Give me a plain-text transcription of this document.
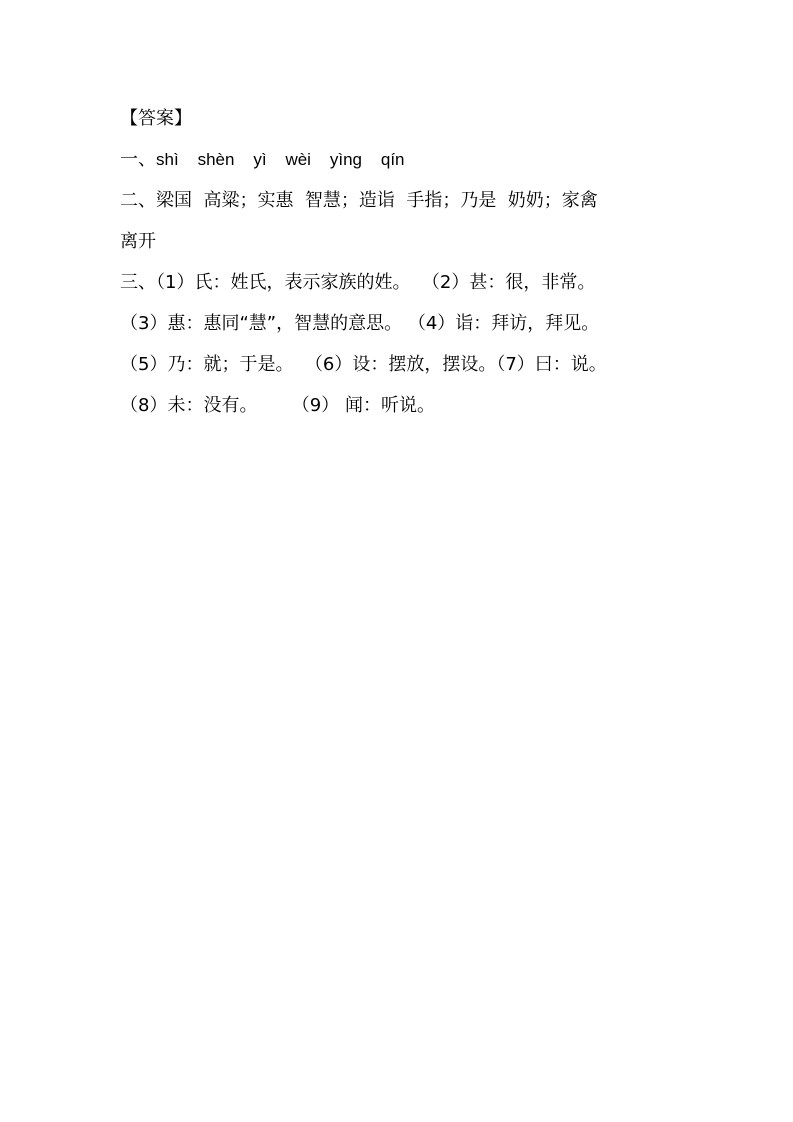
【答案】

一、shì    shèn    yì    wèi    yìng    qín

二、梁国  高粱；实惠  智慧；造诣  手指；乃是  奶奶；家禽

离开

三、（1）氏：姓氏，表示家族的姓。  （2）甚：很，非常。

（3）惠：惠同“慧”，智慧的意思。 （4）诣：拜访，拜见。

（5）乃：就；于是。  （6）设：摆放，摆设。（7）曰：说。

（8）未：没有。      （9） 闻：听说。
